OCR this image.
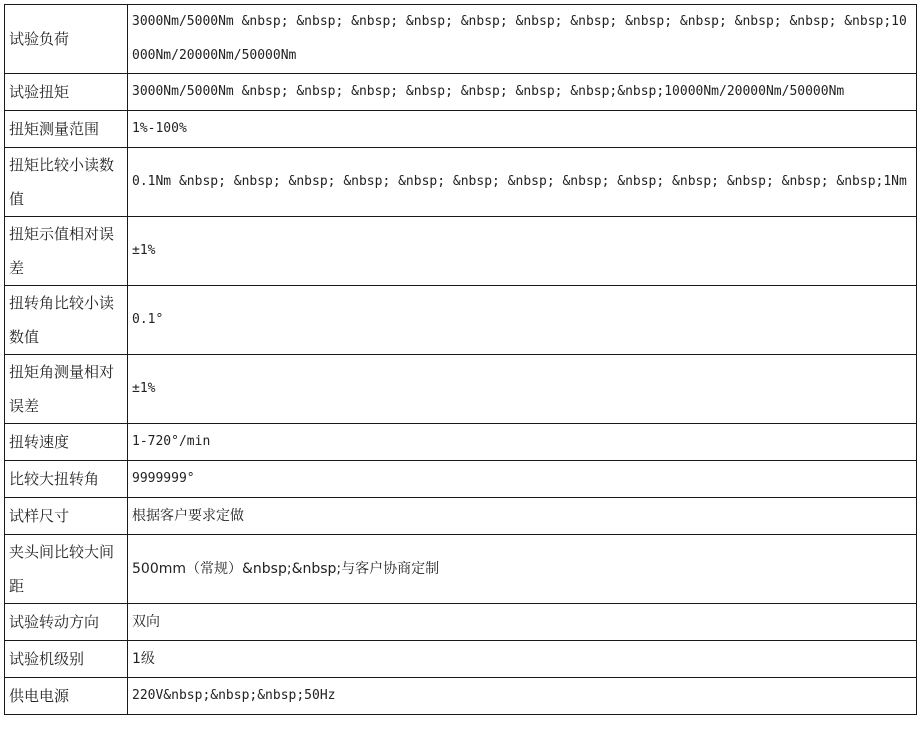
试验负荷	3000Nm/5000Nm &nbsp; &nbsp; &nbsp; &nbsp; &nbsp; &nbsp; &nbsp; &nbsp; &nbsp; &nbsp; &nbsp; &nbsp;10000Nm/20000Nm/50000Nm
试验扭矩	3000Nm/5000Nm &nbsp; &nbsp; &nbsp; &nbsp; &nbsp; &nbsp; &nbsp;&nbsp;10000Nm/20000Nm/50000Nm
扭矩测量范围	1%-100%
扭矩比较小读数值	0.1Nm &nbsp; &nbsp; &nbsp; &nbsp; &nbsp; &nbsp; &nbsp; &nbsp; &nbsp; &nbsp; &nbsp; &nbsp; &nbsp;1Nm
扭矩示值相对误差	±1%
扭转角比较小读数值	0.1°
扭矩角测量相对误差	±1%
扭转速度	1-720°/min
比较大扭转角	9999999°
试样尺寸	根据客户要求定做
夹头间比较大间距	500mm（常规）&nbsp;&nbsp;与客户协商定制
试验转动方向	双向
试验机级别	1级
供电电源	220V&nbsp;&nbsp;&nbsp;50Hz
